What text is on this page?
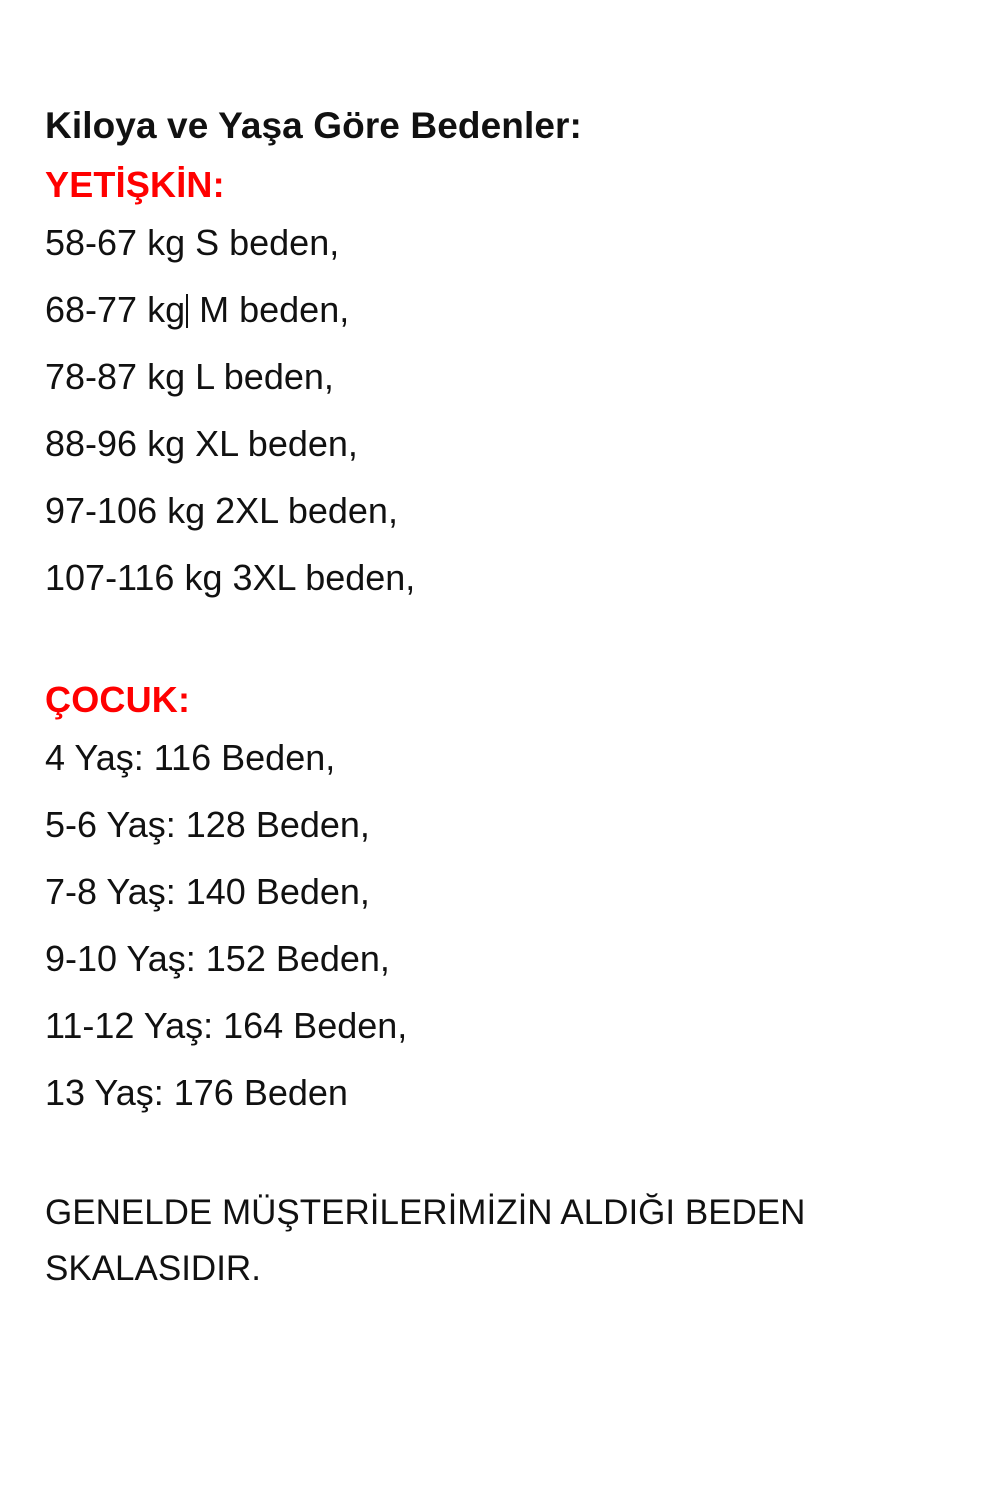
Kiloya ve Yaşa Göre Bedenler:
YETİŞKİN:
58-67 kg S beden,
68-77 kg M beden,
78-87 kg L beden,
88-96 kg XL beden,
97-106 kg 2XL beden,
107-116 kg 3XL beden,
ÇOCUK:
4 Yaş: 116 Beden,
5-6 Yaş: 128 Beden,
7-8 Yaş: 140 Beden,
9-10 Yaş: 152 Beden,
11-12 Yaş: 164 Beden,
13 Yaş: 176 Beden

GENELDE MÜŞTERİLERİMİZİN ALDIĞI BEDEN SKALASIDIR.
